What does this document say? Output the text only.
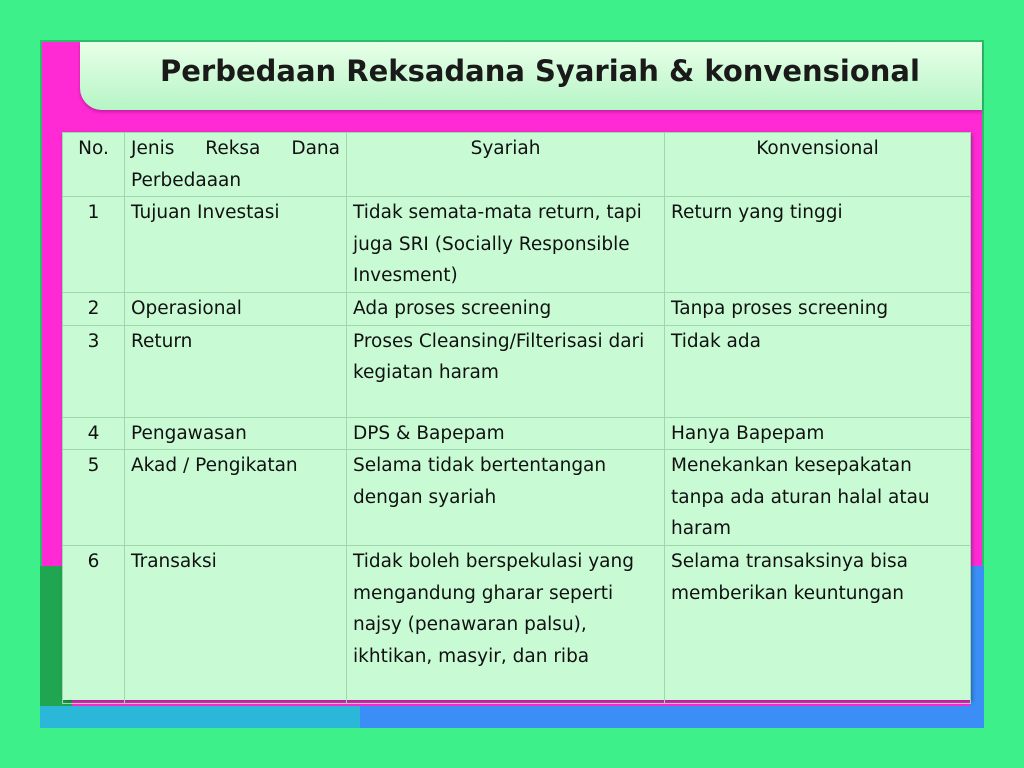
Perbedaan Reksadana Syariah & konvensional
No.	Jenis Reksa Dana Perbedaaan	Syariah	Konvensional
1	Tujuan Investasi	Tidak semata-mata return, tapi juga SRI (Socially Responsible Invesment)	Return yang tinggi
2	Operasional	Ada proses screening	Tanpa proses screening
3	Return	Proses Cleansing/Filterisasi dari kegiatan haram	Tidak ada
4	Pengawasan	DPS & Bapepam	Hanya Bapepam
5	Akad / Pengikatan	Selama tidak bertentangan dengan syariah	Menekankan kesepakatan tanpa ada aturan halal atau haram
6	Transaksi	Tidak boleh berspekulasi yang mengandung gharar seperti najsy (penawaran palsu), ikhtikan, masyir, dan riba	Selama transaksinya bisa memberikan keuntungan
